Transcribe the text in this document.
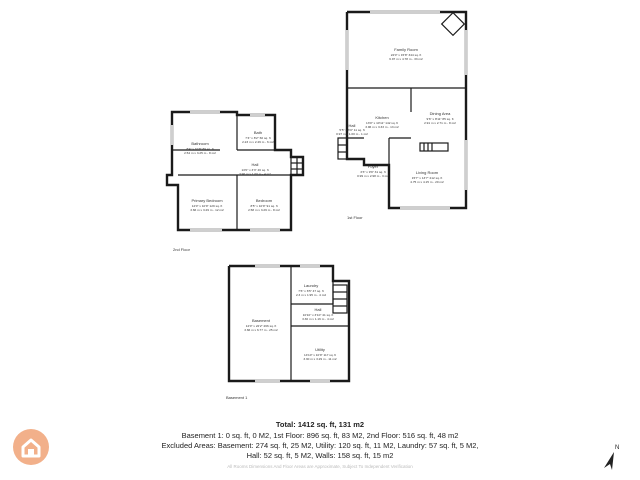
Bathroom
8'4" x 10'8" 89 sq. ft
2.54 m x 3.25 m - 8 m2
Bath
7'4" x 8'2" 60 sq. ft
2.23 m x 2.49 m - 6 m2
Hall
13'0" x 3'3" 46 sq. ft
3.96 m x 1.00 m - 4 m2
Primary Bedroom
12'0" x 10'9" 129 sq. ft
3.66 m x 3.29 m - 12 m2
Bedroom
8'5" x 10'9" 91 sq. ft
2.58 m x 3.29 m - 8 m2
2nd Floor
Family Room
22'0" x 15'8" 344 sq. ft
6.97 m x 4.78 m - 33 m2
Kitchen
13'0" x 10'11" 142 sq. ft
3.96 m x 3.33 m - 13 m2
Dining Area
9'6" x 8'11" 85 sq. ft
2.91 m x 2.71 m - 8 m2
Hall
5'5" x 3'0" 11 sq. ft
0.97 m x 1.00 m - 1 m2
Foyer
3'3" x 9'9" 31 sq. ft
0.99 m x 2.98 m - 3 m2
Living Room
15'7" x 13'7" 212 sq. ft
4.75 m x 4.15 m - 20 m2
1st Floor
Laundry
7'6" x 6'5" 47 sq. ft
2.3 m x 1.95 m - 4 m2
Hall
10'10" x 3'10" 41 sq. ft
3.30 m x 1.16 m - 4 m2
Basement
12'0" x 22'2" 266 sq. ft
3.66 m x 6.77 m - 25 m2
Utility
14'10" x 10'9" 117 sq. ft
3.30 m x 3.29 m - 11 m2
Basement 1
Total: 1412 sq. ft, 131 m2
Basement 1: 0 sq. ft, 0 M2, 1st Floor: 896 sq. ft, 83 M2, 2nd Floor: 516 sq. ft, 48 m2
Excluded Areas: Basement: 274 sq. ft, 25 M2, Utility: 120 sq. ft, 11 M2, Laundry: 57 sq. ft, 5 M2,
Hall: 52 sq. ft, 5 M2, Walls: 158 sq. ft, 15 m2
All Rooms Dimensions And Floor Areas are Approximate, Subject To Independent Verification
N
